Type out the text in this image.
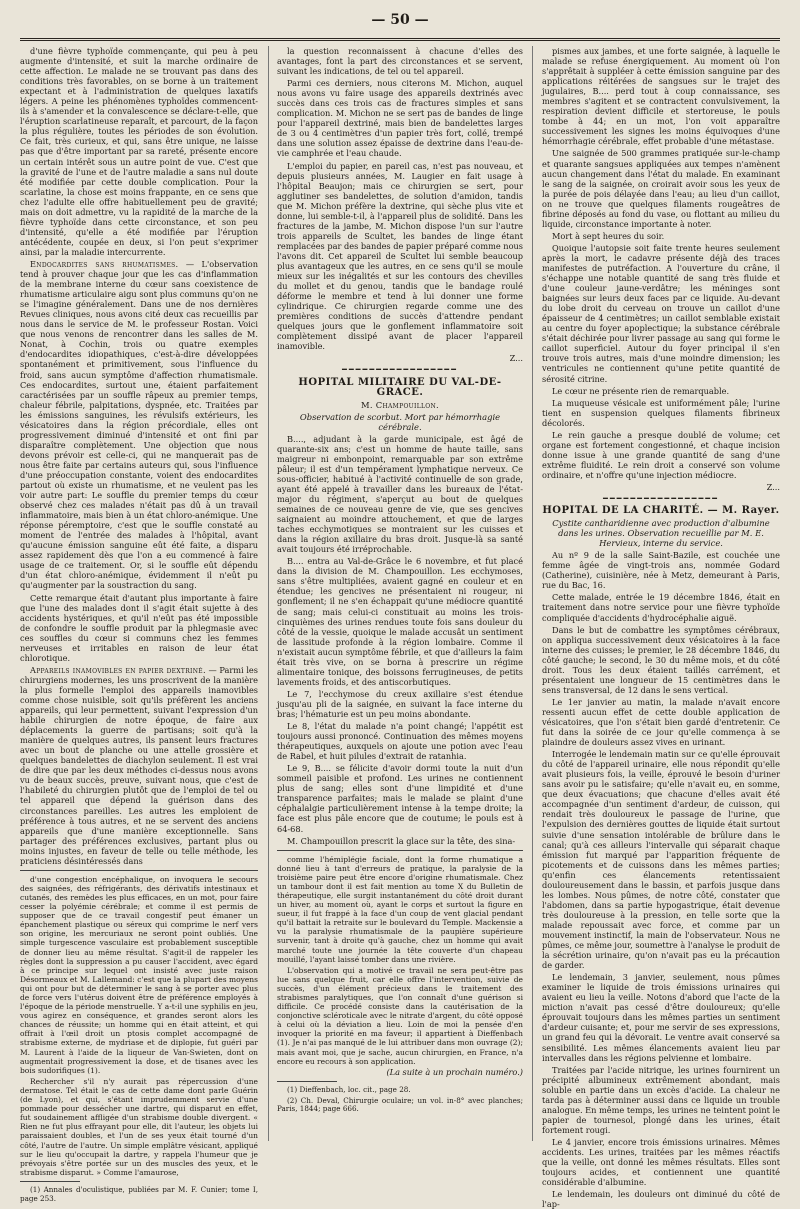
— 50 —

d'une fièvre typhoïde commençante, qui peu à peu augmente d'intensité, et suit la marche ordinaire de cette affection. Le malade ne se trouvant pas dans des conditions très favorables, on se borne à un traitement expectant et à l'administration de quelques laxatifs légers. A peine les phénomènes typhoïdes commencent-ils à s'amender et la convalescence se déclare-t-elle, que l'éruption scarlatineuse reparaît, et parcourt, de la façon la plus régulière, toutes les périodes de son évolution. Ce fait, très curieux, et qui, sans être unique, ne laisse pas que d'être important par sa rareté, présente encore un certain intérêt sous un autre point de vue. C'est que la gravité de l'une et de l'autre maladie a sans nul doute été modifiée par cette double complication. Pour la scarlatine, la chose est moins frappante, en ce sens que chez l'adulte elle offre habituellement peu de gravité; mais on doit admettre, vu la rapidité de la marche de la fièvre typhoïde dans cette circonstance, et son peu d'intensité, qu'elle a été modifiée par l'éruption antécédente, coupée en deux, si l'on peut s'exprimer ainsi, par la maladie intercurrente.

Endocardites sans rhumatismes. — L'observation tend à prouver chaque jour que les cas d'inflammation de la membrane interne du cœur sans coexistence de rhumatisme articulaire aigu sont plus communs qu'on ne se l'imagine généralement. Dans une de nos dernières Revues cliniques, nous avons cité deux cas recueillis par nous dans le service de M. le professeur Rostan. Voici que nous venons de rencontrer dans les salles de M. Nonat, à Cochin, trois ou quatre exemples d'endocardites idiopathiques, c'est-à-dire développées spontanément et primitivement, sous l'influence du froid, sans aucun symptôme d'affection rhumatismale. Ces endocardites, surtout une, étaient parfaitement caractérisées par un souffle râpeux au premier temps, chaleur fébrile, palpitations, dyspnée, etc. Traitées par les émissions sanguines, les révulsifs extérieurs, les vésicatoires dans la région précordiale, elles ont progressivement diminué d'intensité et ont fini par disparaître complètement. Une objection que nous devons prévoir est celle-ci, qui ne manquerait pas de nous être faite par certains auteurs qui, sous l'influence d'une préoccupation constante, voient des endocardites partout où existe un rhumatisme, et ne veulent pas les voir autre part: Le souffle du premier temps du cœur observé chez ces malades n'était pas dû à un travail inflammatoire, mais bien à un état chloro-anémique. Une réponse péremptoire, c'est que le souffle constaté au moment de l'entrée des malades à l'hôpital, avant qu'aucune émission sanguine eût été faite, a disparu assez rapidement dès que l'on a eu commencé à faire usage de ce traitement. Or, si le souffle eût dépendu d'un état chloro-anémique, évidemment il n'eût pu qu'augmenter par la soustraction du sang.

Cette remarque était d'autant plus importante à faire que l'une des malades dont il s'agit était sujette à des accidents hystériques, et qu'il n'eût pas été impossible de confondre le souffle produit par la phlegmasie avec ces souffles du cœur si communs chez les femmes nerveuses et irritables en raison de leur état chlorotique.

Appareils inamovibles en papier dextriné. — Parmi les chirurgiens modernes, les uns proscrivent de la manière la plus formelle l'emploi des appareils inamovibles comme chose nuisible, soit qu'ils préfèrent les anciens appareils, qui leur permettent, suivant l'expression d'un habile chirurgien de notre époque, de faire aux déplacements la guerre de partisans; soit qu'à la manière de quelques autres, ils pansent leurs fractures avec un bout de planche ou une attelle grossière et quelques bandelettes de diachylon seulement. Il est vrai de dire que par les deux méthodes ci-dessus nous avons vu de beaux succès, preuve, suivant nous, que c'est de l'habileté du chirurgien plutôt que de l'emploi de tel ou tel appareil que dépend la guérison dans des circonstances pareilles. Les autres les emploient de préférence à tous autres, et ne se servent des anciens appareils que d'une manière exceptionnelle. Sans partager des préférences exclusives, partant plus ou moins injustes, en faveur de telle ou telle méthode, les praticiens désintéressés dans

d'une congestion encéphalique, on invoquera le secours des saignées, des réfrigérants, des dérivatifs intestinaux et cutanés, des remèdes les plus efficaces, en un mot, pour faire cesser la polyémie cérébrale; et comme il est permis de supposer que de ce travail congestif peut émaner un épanchement plastique ou séreux qui comprime le nerf vers son origine, les mercuriaux ne seront point oubliés. Une simple turgescence vasculaire est probablement susceptible de donner lieu au même résultat. S'agit-il de rappeler les règles dont la suppression a pu causer l'accident, avec égard à ce principe sur lequel ont insisté avec juste raison Désormeaux et M. Lallemand: c'est que la plupart des moyens qui ont pour but de déterminer le sang à se porter avec plus de force vers l'utérus doivent être de préférence employés à l'époque de la période menstruelle. Y a-t-il une syphilis en jeu, vous agirez en conséquence, et grandes seront alors les chances de réussite; un homme qui en était atteint, et qui offrait à l'œil droit un ptosis complet accompagné de strabisme externe, de mydriase et de diplopie, fut guéri par M. Laurent à l'aide de la liqueur de Van-Swieten, dont on augmentait progressivement la dose, et de tisanes avec les bois sudorifiques (1).

Rechercher s'il n'y aurait pas répercussion d'une dermatose. Tel était le cas de cette dame dont parle Guérin (de Lyon), et qui, s'étant imprudemment servie d'une pommade pour dessécher une dartre, qui disparut en effet, fut soudainement affligée d'un strabisme double divergent. « Rien ne fut plus effrayant pour elle, dit l'auteur, les objets lui paraissaient doubles, et l'un de ses yeux était tourné d'un côté, l'autre de l'autre. Un simple emplâtre vésicant, appliqué sur le lieu qu'occupait la dartre, y rappela l'humeur que je prévoyais s'être portée sur un des muscles des yeux, et le strabisme disparut. » Comme l'amaurose,

(1) Annales d'oculistique, publiées par M. F. Cunier; tome I, page 253.

la question reconnaissent à chacune d'elles des avantages, font la part des circonstances et se servent, suivant les indications, de tel ou tel appareil.

Parmi ces derniers, nous citerons M. Michon, auquel nous avons vu faire usage des appareils dextrinés avec succès dans ces trois cas de fractures simples et sans complication. M. Michon ne se sert pas de bandes de linge pour l'appareil dextriné, mais bien de bandelettes larges de 3 ou 4 centimètres d'un papier très fort, collé, trempé dans une solution assez épaisse de dextrine dans l'eau-de-vie camphrée et l'eau chaude.

L'emploi du papier, en pareil cas, n'est pas nouveau, et depuis plusieurs années, M. Laugier en fait usage à l'hôpital Beaujon; mais ce chirurgien se sert, pour agglutiner ses bandelettes, de solution d'amidon, tandis que M. Michon préfère la dextrine, qui sèche plus vite et donne, lui semble-t-il, à l'appareil plus de solidité. Dans les fractures de la jambe, M. Michon dispose l'un sur l'autre trois appareils de Scultet, les bandes de linge étant remplacées par des bandes de papier préparé comme nous l'avons dit. Cet appareil de Scultet lui semble beaucoup plus avantageux que les autres, en ce sens qu'il se moule mieux sur les inégalités et sur les contours des chevilles du mollet et du genou, tandis que le bandage roulé déforme le membre et tend à lui donner une forme cylindrique. Ce chirurgien regarde comme une des premières conditions de succès d'attendre pendant quelques jours que le gonflement inflammatoire soit complètement dissipé avant de placer l'appareil inamovible.

Z...

━━━━━━━━━━━━━━━━━

HOPITAL MILITAIRE DU VAL-DE-GRACE.

M. Champouillon.

Observation de scorbut. Mort par hémorrhagie cérébrale.

B...., adjudant à la garde municipale, est âgé de quarante-six ans; c'est un homme de haute taille, sans maigreur ni embonpoint, remarquable par son extrême pâleur; il est d'un tempérament lymphatique nerveux. Ce sous-officier, habitué à l'activité continuelle de son grade, ayant été appelé à travailler dans les bureaux de l'état-major du régiment, s'aperçut au bout de quelques semaines de ce nouveau genre de vie, que ses gencives saignaient au moindre attouchement, et que de larges taches ecchymotiques se montraient sur les cuisses et dans la région axillaire du bras droit. Jusque-là sa santé avait toujours été irréprochable.

B.... entra au Val-de-Grâce le 6 novembre, et fut placé dans la division de M. Champouillon. Les ecchymoses, sans s'être multipliées, avaient gagné en couleur et en étendue; les gencives ne présentaient ni rougeur, ni gonflement; il ne s'en échappait qu'une médiocre quantité de sang; mais celui-ci constituait au moins les trois-cinquièmes des urines rendues toute fois sans douleur du côté de la vessie, quoique le malade accusât un sentiment de lassitude profonde à la région lombaire. Comme il n'existait aucun symptôme fébrile, et que d'ailleurs la faim était très vive, on se borna à prescrire un régime alimentaire tonique, des boissons ferrugineuses, de petits lavements froids, et des antiscorbutiques.

Le 7, l'ecchymose du creux axillaire s'est étendue jusqu'au pli de la saignée, en suivant la face interne du bras; l'hématurie est un peu moins abondante.

Le 8, l'état du malade n'a point changé; l'appétit est toujours aussi prononcé. Continuation des mêmes moyens thérapeutiques, auxquels on ajoute une potion avec l'eau de Rabel, et huit pilules d'extrait de ratanhia.

Le 9, B.... se félicite d'avoir dormi toute la nuit d'un sommeil paisible et profond. Les urines ne contiennent plus de sang; elles sont d'une limpidité et d'une transparence parfaites; mais le malade se plaint d'une céphalalgie particulièrement intense à la tempe droite; la face est plus pâle encore que de coutume; le pouls est à 64-68.

M. Champouillon prescrit la glace sur la tête, des sina-

comme l'hémiplégie faciale, dont la forme rhumatique a donné lieu à tant d'erreurs de pratique, la paralysie de la troisième paire peut être encore d'origine rhumatismale. Chez un tambour dont il est fait mention au tome X du Bulletin de thérapeutique, elle surgit instantanément du côté droit durant un hiver, au moment où, ayant le corps et surtout la figure en sueur, il fut frappé à la face d'un coup de vent glacial pendant qu'il battait la retraite sur le boulevard du Temple. Mackensie a vu la paralysie rhumatismale de la paupière supérieure survenir, tant à droite qu'à gauche, chez un homme qui avait marché toute une journée la tête couverte d'un chapeau mouillé, l'ayant laissé tomber dans une rivière.

L'observation qui a motivé ce travail ne sera peut-être pas lue sans quelque fruit, car elle offre l'intervention, suivie de succès, d'un élément précieux dans le traitement des strabismes paralytiques, que l'on connaît d'une guérison si difficile. Ce procédé consiste dans la cautérisation de la conjonctive scléroticale avec le nitrate d'argent, du côté opposé à celui où la déviation a lieu. Loin de moi la pensée d'en invoquer la priorité en ma faveur; il appartient à Dieffenbach (1). Je n'ai pas manqué de le lui attribuer dans mon ouvrage (2); mais avant moi, que je sache, aucun chirurgien, en France, n'a encore eu recours à son application.

(La suite à un prochain numéro.)

(1) Dieffenbach, loc. cit., page 28.

(2) Ch. Deval, Chirurgie oculaire; un vol. in-8° avec planches; Paris, 1844; page 666.

pismes aux jambes, et une forte saignée, à laquelle le malade se refuse énergiquement. Au moment où l'on s'apprêtait à suppléer à cette émission sanguine par des applications réitérées de sangsues sur le trajet des jugulaires, B.... perd tout à coup connaissance, ses membres s'agitent et se contractent convulsivement, la respiration devient difficile et stertoreuse, le pouls tombe à 44; en un mot, l'on voit apparaître successivement les signes les moins équivoques d'une hémorrhagie cérébrale, effet probable d'une métastase.

Une saignée de 500 grammes pratiquée sur-le-champ et quarante sangsues appliquées aux tempes n'amènent aucun changement dans l'état du malade. En examinant le sang de la saignée, on croirait avoir sous les yeux de la purée de pois délayée dans l'eau; au lieu d'un caillot, on ne trouve que quelques filaments rougeâtres de fibrine déposés au fond du vase, ou flottant au milieu du liquide, circonstance importante à noter.

Mort à sept heures du soir.

Quoique l'autopsie soit faite trente heures seulement après la mort, le cadavre présente déjà des traces manifestes de putréfaction. A l'ouverture du crâne, il s'échappe une notable quantité de sang très fluide et d'une couleur jaune-verdâtre; les méninges sont baignées sur leurs deux faces par ce liquide. Au-devant du lobe droit du cerveau on trouve un caillot d'une épaisseur de 4 centimètres; un caillot semblable existait au centre du foyer apoplectique; la substance cérébrale s'était déchirée pour livrer passage au sang qui forme le caillot superficiel. Autour du foyer principal il s'en trouve trois autres, mais d'une moindre dimension; les ventricules ne contiennent qu'une petite quantité de sérosité citrine.

Le cœur ne présente rien de remarquable.

La muqueuse vésicale est uniformément pâle; l'urine tient en suspension quelques filaments fibrineux décolorés.

Le rein gauche a presque doublé de volume; cet organe est fortement congestionné, et chaque incision donne issue à une grande quantité de sang d'une extrême fluidité. Le rein droit a conservé son volume ordinaire, et n'offre qu'une injection médiocre.

Z...

━━━━━━━━━━━━━━━━━

HOPITAL DE LA CHARITÉ. — M. Rayer.

Cystite cantharidienne avec production d'albumine dans les urines. Observation recueillie par M. E. Hervieux, interne du service.

Au nº 9 de la salle Saint-Bazile, est couchée une femme âgée de vingt-trois ans, nommée Godard (Catherine), cuisinière, née à Metz, demeurant à Paris, rue du Bac, 16.

Cette malade, entrée le 19 décembre 1846, était en traitement dans notre service pour une fièvre typhoïde compliquée d'accidents d'hydrocéphalie aiguë.

Dans le but de combattre les symptômes cérébraux, on appliqua successivement deux vésicatoires à la face interne des cuisses; le premier, le 28 décembre 1846, du côté gauche; le second, le 30 du même mois, et du côté droit. Tous les deux étaient taillés carrément, et présentaient une longueur de 15 centimètres dans le sens transversal, de 12 dans le sens vertical.

Le 1er janvier au matin, la malade n'avait encore ressenti aucun effet de cette double application de vésicatoires, que l'on s'était bien gardé d'entretenir. Ce fut dans la soirée de ce jour qu'elle commença à se plaindre de douleurs assez vives en urinant.

Interrogée le lendemain matin sur ce qu'elle éprouvait du côté de l'appareil urinaire, elle nous répondit qu'elle avait plusieurs fois, la veille, éprouvé le besoin d'uriner sans avoir pu le satisfaire; qu'elle n'avait eu, en somme, que deux évacuations; que chacune d'elles avait été accompagnée d'un sentiment d'ardeur, de cuisson, qui rendait très douloureux le passage de l'urine, que l'expulsion des dernières gouttes de liquide était surtout suivie d'une sensation intolérable de brûlure dans le canal; qu'à ces ailleurs l'intervalle qui séparait chaque émission fut marqué par l'apparition fréquente de picotements et de cuissons dans les mêmes parties; qu'enfin ces élancements retentissaient douloureusement dans le bassin, et parfois jusque dans les lombes. Nous pûmes, de notre côté, constater que l'abdomen, dans sa partie hypogastrique, était devenue très douloureuse à la pression, en telle sorte que la malade repoussait avec force, et comme par un mouvement instinctif, la main de l'observateur. Nous ne pûmes, ce même jour, soumettre à l'analyse le produit de la sécrétion urinaire, qu'on n'avait pas eu la précaution de garder.

Le lendemain, 3 janvier, seulement, nous pûmes examiner le liquide de trois émissions urinaires qui avaient eu lieu la veille. Notons d'abord que l'acte de la miction n'avait pas cessé d'être douloureux; qu'elle éprouvait toujours dans les mêmes parties un sentiment d'ardeur cuisante; et, pour me servir de ses expressions, un grand feu qui la dévorait. Le ventre avait conservé sa sensibilité. Les mêmes élancements avaient lieu par intervalles dans les régions pelvienne et lombaire.

Traitées par l'acide nitrique, les urines fournirent un précipité albumineux extrêmement abondant, mais soluble en partie dans un excès d'acide. La chaleur ne tarda pas à déterminer aussi dans ce liquide un trouble analogue. En même temps, les urines ne teintent point le papier de tournesol, plongé dans les urines, était fortement rougi.

Le 4 janvier, encore trois émissions urinaires. Mêmes accidents. Les urines, traitées par les mêmes réactifs que la veille, ont donné les mêmes résultats. Elles sont toujours acides, et contiennent une quantité considérable d'albumine.

Le lendemain, les douleurs ont diminué du côté de l'ap-
